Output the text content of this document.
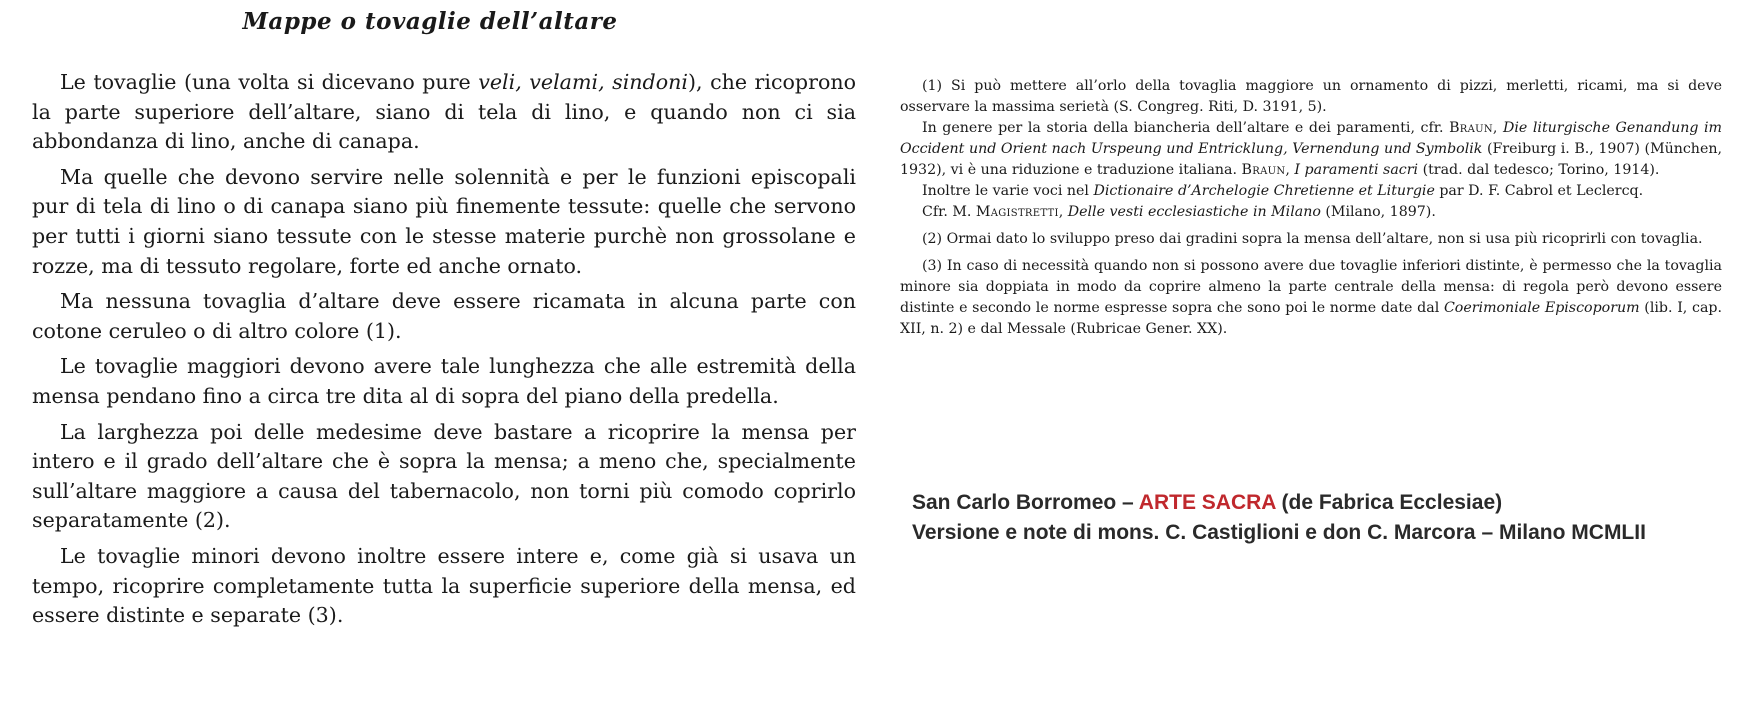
Mappe o tovaglie dell’altare

Le tovaglie (una volta si dicevano pure veli, velami, sindoni), che ricoprono la parte superiore dell’altare, siano di tela di lino, e quando non ci sia abbondanza di lino, anche di canapa.

Ma quelle che devono servire nelle solennità e per le funzioni episcopali pur di tela di lino o di canapa siano più finemente tessute: quelle che servono per tutti i giorni siano tessute con le stesse materie purchè non grossolane e rozze, ma di tessuto regolare, forte ed anche ornato.

Ma nessuna tovaglia d’altare deve essere ricamata in alcuna parte con cotone ceruleo o di altro colore (1).

Le tovaglie maggiori devono avere tale lunghezza che alle estremità della mensa pendano fino a circa tre dita al di sopra del piano della predella.

La larghezza poi delle medesime deve bastare a ricoprire la mensa per intero e il grado dell’altare che è sopra la mensa; a meno che, specialmente sull’altare maggiore a causa del tabernacolo, non torni più comodo coprirlo separatamente (2).

Le tovaglie minori devono inoltre essere intere e, come già si usava un tempo, ricoprire completamente tutta la superficie superiore della mensa, ed essere distinte e separate (3).

(1) Si può mettere all’orlo della tovaglia maggiore un ornamento di pizzi, merletti, ricami, ma si deve osservare la massima serietà (S. Congreg. Riti, D. 3191, 5).

In genere per la storia della biancheria dell’altare e dei paramenti, cfr. Braun, Die liturgische Genandung im Occident und Orient nach Urspeung und Entricklung, Vernendung und Symbolik (Freiburg i. B., 1907) (München, 1932), vi è una riduzione e traduzione italiana. Braun, I paramenti sacri (trad. dal tedesco; Torino, 1914).

Inoltre le varie voci nel Dictionaire d’Archelogie Chretienne et Liturgie par D. F. Cabrol et Leclercq.

Cfr. M. Magistretti, Delle vesti ecclesiastiche in Milano (Milano, 1897).

(2) Ormai dato lo sviluppo preso dai gradini sopra la mensa dell’altare, non si usa più ricoprirli con tovaglia.

(3) In caso di necessità quando non si possono avere due tovaglie inferiori distinte, è permesso che la tovaglia minore sia doppiata in modo da coprire almeno la parte centrale della mensa: di regola però devono essere distinte e secondo le norme espresse sopra che sono poi le norme date dal Coerimoniale Episcoporum (lib. I, cap. XII, n. 2) e dal Messale (Rubricae Gener. XX).

San Carlo Borromeo – ARTE SACRA (de Fabrica Ecclesiae)
Versione e note di mons. C. Castiglioni e don C. Marcora – Milano MCMLII
